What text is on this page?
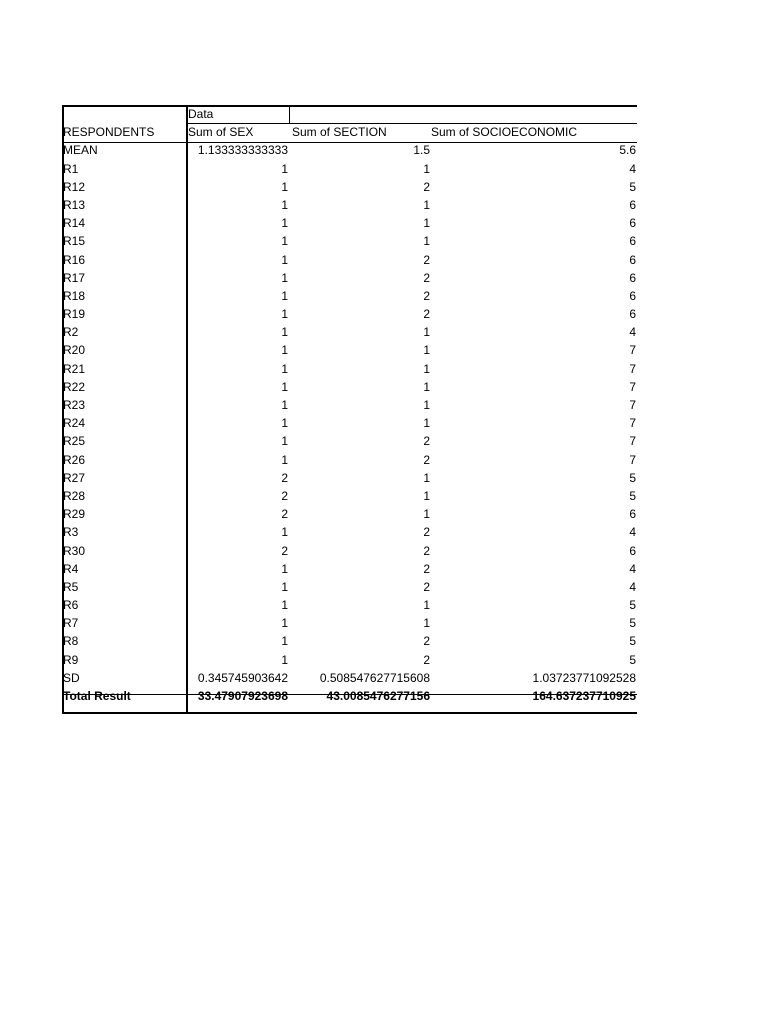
Data
RESPONDENTS	Sum of SEX	Sum of SECTION	Sum of SOCIOECONOMIC
MEAN	1.133333333333	1.5	5.6
R1	1	1	4
R12	1	2	5
R13	1	1	6
R14	1	1	6
R15	1	1	6
R16	1	2	6
R17	1	2	6
R18	1	2	6
R19	1	2	6
R2	1	1	4
R20	1	1	7
R21	1	1	7
R22	1	1	7
R23	1	1	7
R24	1	1	7
R25	1	2	7
R26	1	2	7
R27	2	1	5
R28	2	1	5
R29	2	1	6
R3	1	2	4
R30	2	2	6
R4	1	2	4
R5	1	2	4
R6	1	1	5
R7	1	1	5
R8	1	2	5
R9	1	2	5
SD	0.345745903642	0.508547627715608	1.03723771092528
Total Result	33.47907923698	43.0085476277156	164.637237710925
